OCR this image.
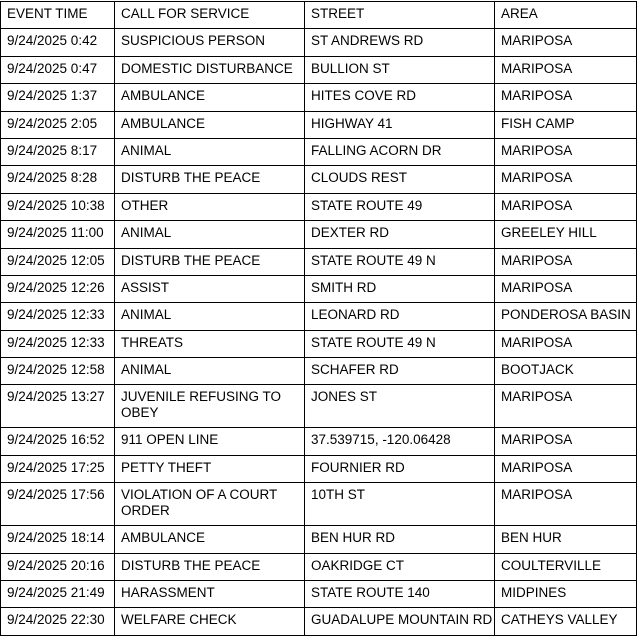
EVENT TIME	CALL FOR SERVICE	STREET	AREA
9/24/2025 0:42	SUSPICIOUS PERSON	ST ANDREWS RD	MARIPOSA
9/24/2025 0:47	DOMESTIC DISTURBANCE	BULLION ST	MARIPOSA
9/24/2025 1:37	AMBULANCE	HITES COVE RD	MARIPOSA
9/24/2025 2:05	AMBULANCE	HIGHWAY 41	FISH CAMP
9/24/2025 8:17	ANIMAL	FALLING ACORN DR	MARIPOSA
9/24/2025 8:28	DISTURB THE PEACE	CLOUDS REST	MARIPOSA
9/24/2025 10:38	OTHER	STATE ROUTE 49	MARIPOSA
9/24/2025 11:00	ANIMAL	DEXTER RD	GREELEY HILL
9/24/2025 12:05	DISTURB THE PEACE	STATE ROUTE 49 N	MARIPOSA
9/24/2025 12:26	ASSIST	SMITH RD	MARIPOSA
9/24/2025 12:33	ANIMAL	LEONARD RD	PONDEROSA BASIN
9/24/2025 12:33	THREATS	STATE ROUTE 49 N	MARIPOSA
9/24/2025 12:58	ANIMAL	SCHAFER RD	BOOTJACK
9/24/2025 13:27	JUVENILE REFUSING TO OBEY	JONES ST	MARIPOSA
9/24/2025 16:52	911 OPEN LINE	37.539715, -120.06428	MARIPOSA
9/24/2025 17:25	PETTY THEFT	FOURNIER RD	MARIPOSA
9/24/2025 17:56	VIOLATION OF A COURT ORDER	10TH ST	MARIPOSA
9/24/2025 18:14	AMBULANCE	BEN HUR RD	BEN HUR
9/24/2025 20:16	DISTURB THE PEACE	OAKRIDGE CT	COULTERVILLE
9/24/2025 21:49	HARASSMENT	STATE ROUTE 140	MIDPINES
9/24/2025 22:30	WELFARE CHECK	GUADALUPE MOUNTAIN RD	CATHEYS VALLEY
